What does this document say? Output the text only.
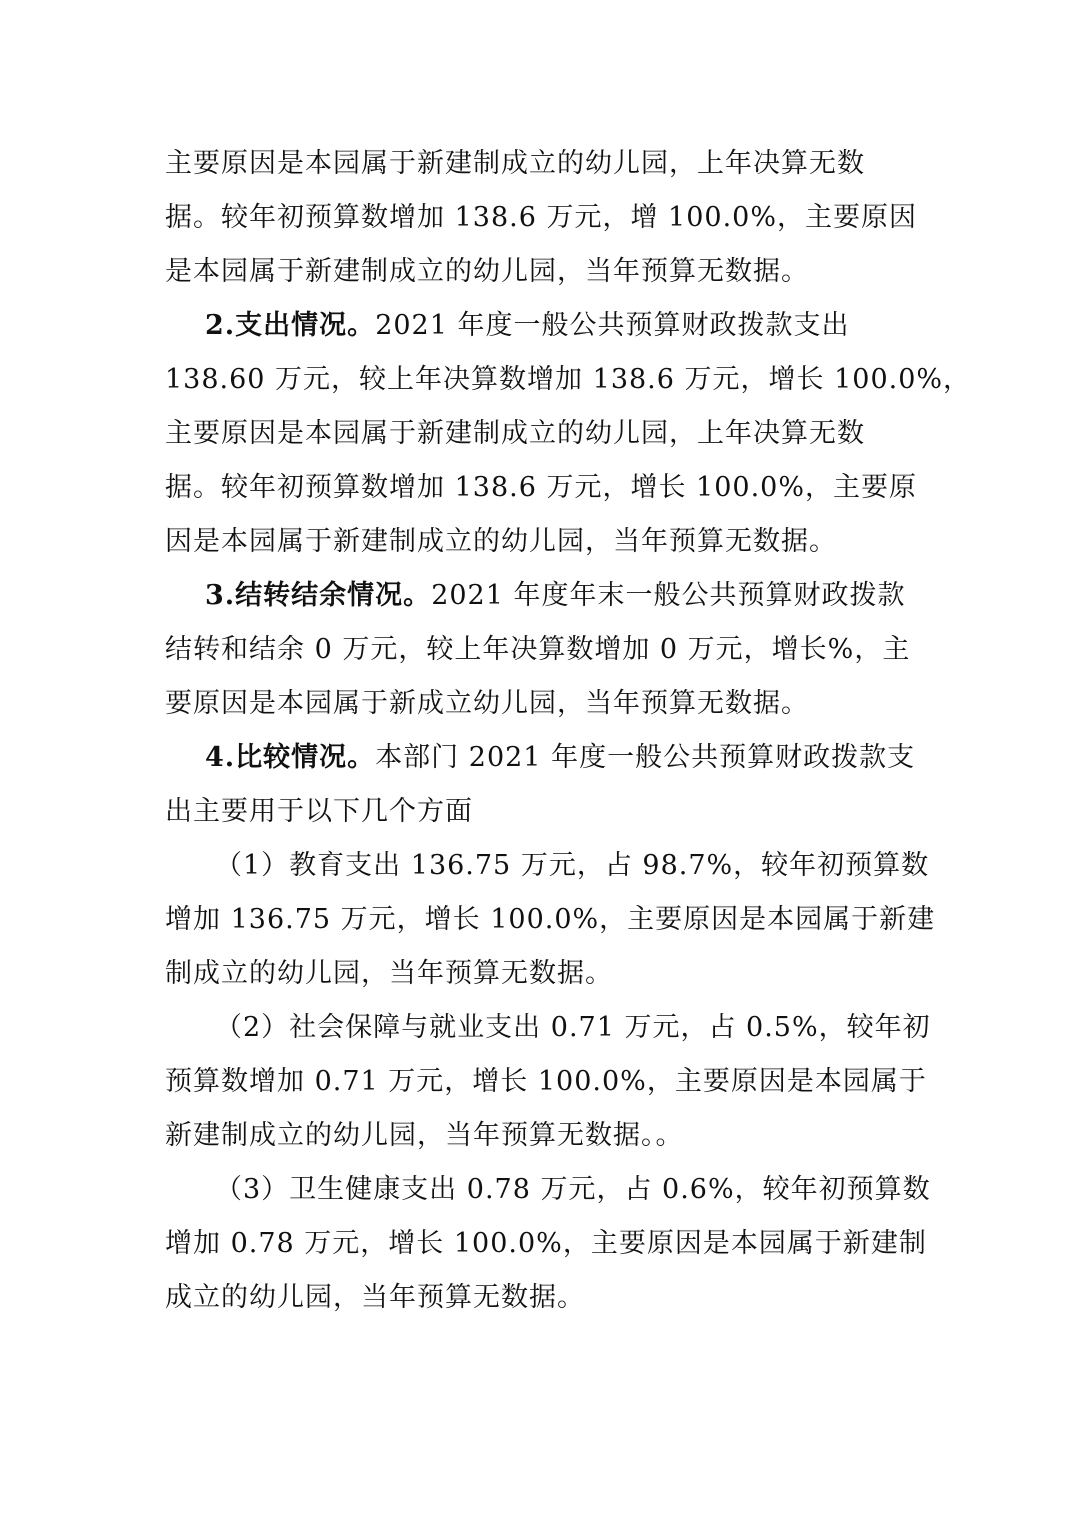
主要原因是本园属于新建制成立的幼儿园，上年决算无数
据。较年初预算数增加 138.6 万元，增 100.0%，主要原因
是本园属于新建制成立的幼儿园，当年预算无数据。
2.支出情况。2021 年度一般公共预算财政拨款支出
138.60 万元，较上年决算数增加 138.6 万元，增长 100.0%，
主要原因是本园属于新建制成立的幼儿园，上年决算无数
据。较年初预算数增加 138.6 万元，增长 100.0%，主要原
因是本园属于新建制成立的幼儿园，当年预算无数据。
3.结转结余情况。2021 年度年末一般公共预算财政拨款
结转和结余 0 万元，较上年决算数增加 0 万元，增长%，主
要原因是本园属于新成立幼儿园，当年预算无数据。
4.比较情况。本部门 2021 年度一般公共预算财政拨款支
出主要用于以下几个方面
（1）教育支出 136.75 万元，占 98.7%，较年初预算数
增加 136.75 万元，增长 100.0%，主要原因是本园属于新建
制成立的幼儿园，当年预算无数据。
（2）社会保障与就业支出 0.71 万元，占 0.5%，较年初
预算数增加 0.71 万元，增长 100.0%，主要原因是本园属于
新建制成立的幼儿园，当年预算无数据。。
（3）卫生健康支出 0.78 万元，占 0.6%，较年初预算数
增加 0.78 万元，增长 100.0%，主要原因是本园属于新建制
成立的幼儿园，当年预算无数据。
